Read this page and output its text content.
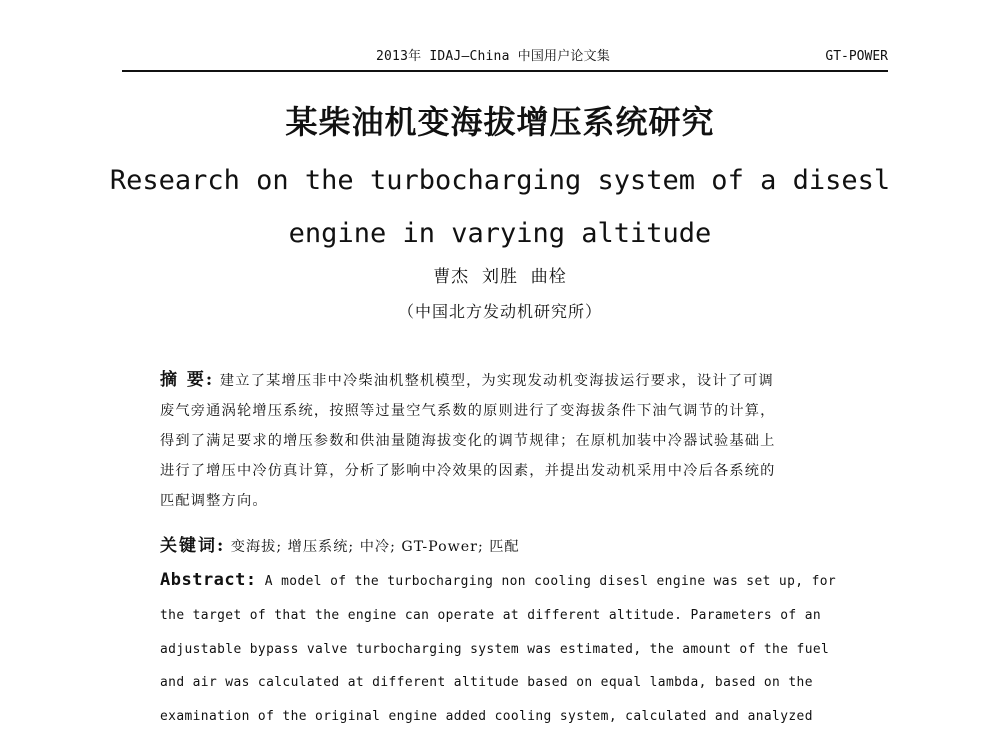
2013年 IDAJ—China 中国用户论文集	GT-POWER
某柴油机变海拔增压系统研究
Research on the turbocharging system of a disesl
engine in varying altitude
曹杰  刘胜  曲栓
（中国北方发动机研究所）
摘 要: 建立了某增压非中冷柴油机整机模型，为实现发动机变海拔运行要求，设计了可调
废气旁通涡轮增压系统，按照等过量空气系数的原则进行了变海拔条件下油气调节的计算，
得到了满足要求的增压参数和供油量随海拔变化的调节规律；在原机加装中冷器试验基础上
进行了增压中冷仿真计算，分析了影响中冷效果的因素，并提出发动机采用中冷后各系统的
匹配调整方向。
关键词: 变海拔; 增压系统; 中冷; GT-Power; 匹配
Abstract: A model of the turbocharging non cooling disesl engine was set up, for
the target of that the engine can operate at different altitude. Parameters of an
adjustable bypass valve turbocharging system was estimated, the amount of the fuel
and air was calculated at different altitude based on equal lambda, based on the
examination of the original engine added cooling system, calculated and analyzed
